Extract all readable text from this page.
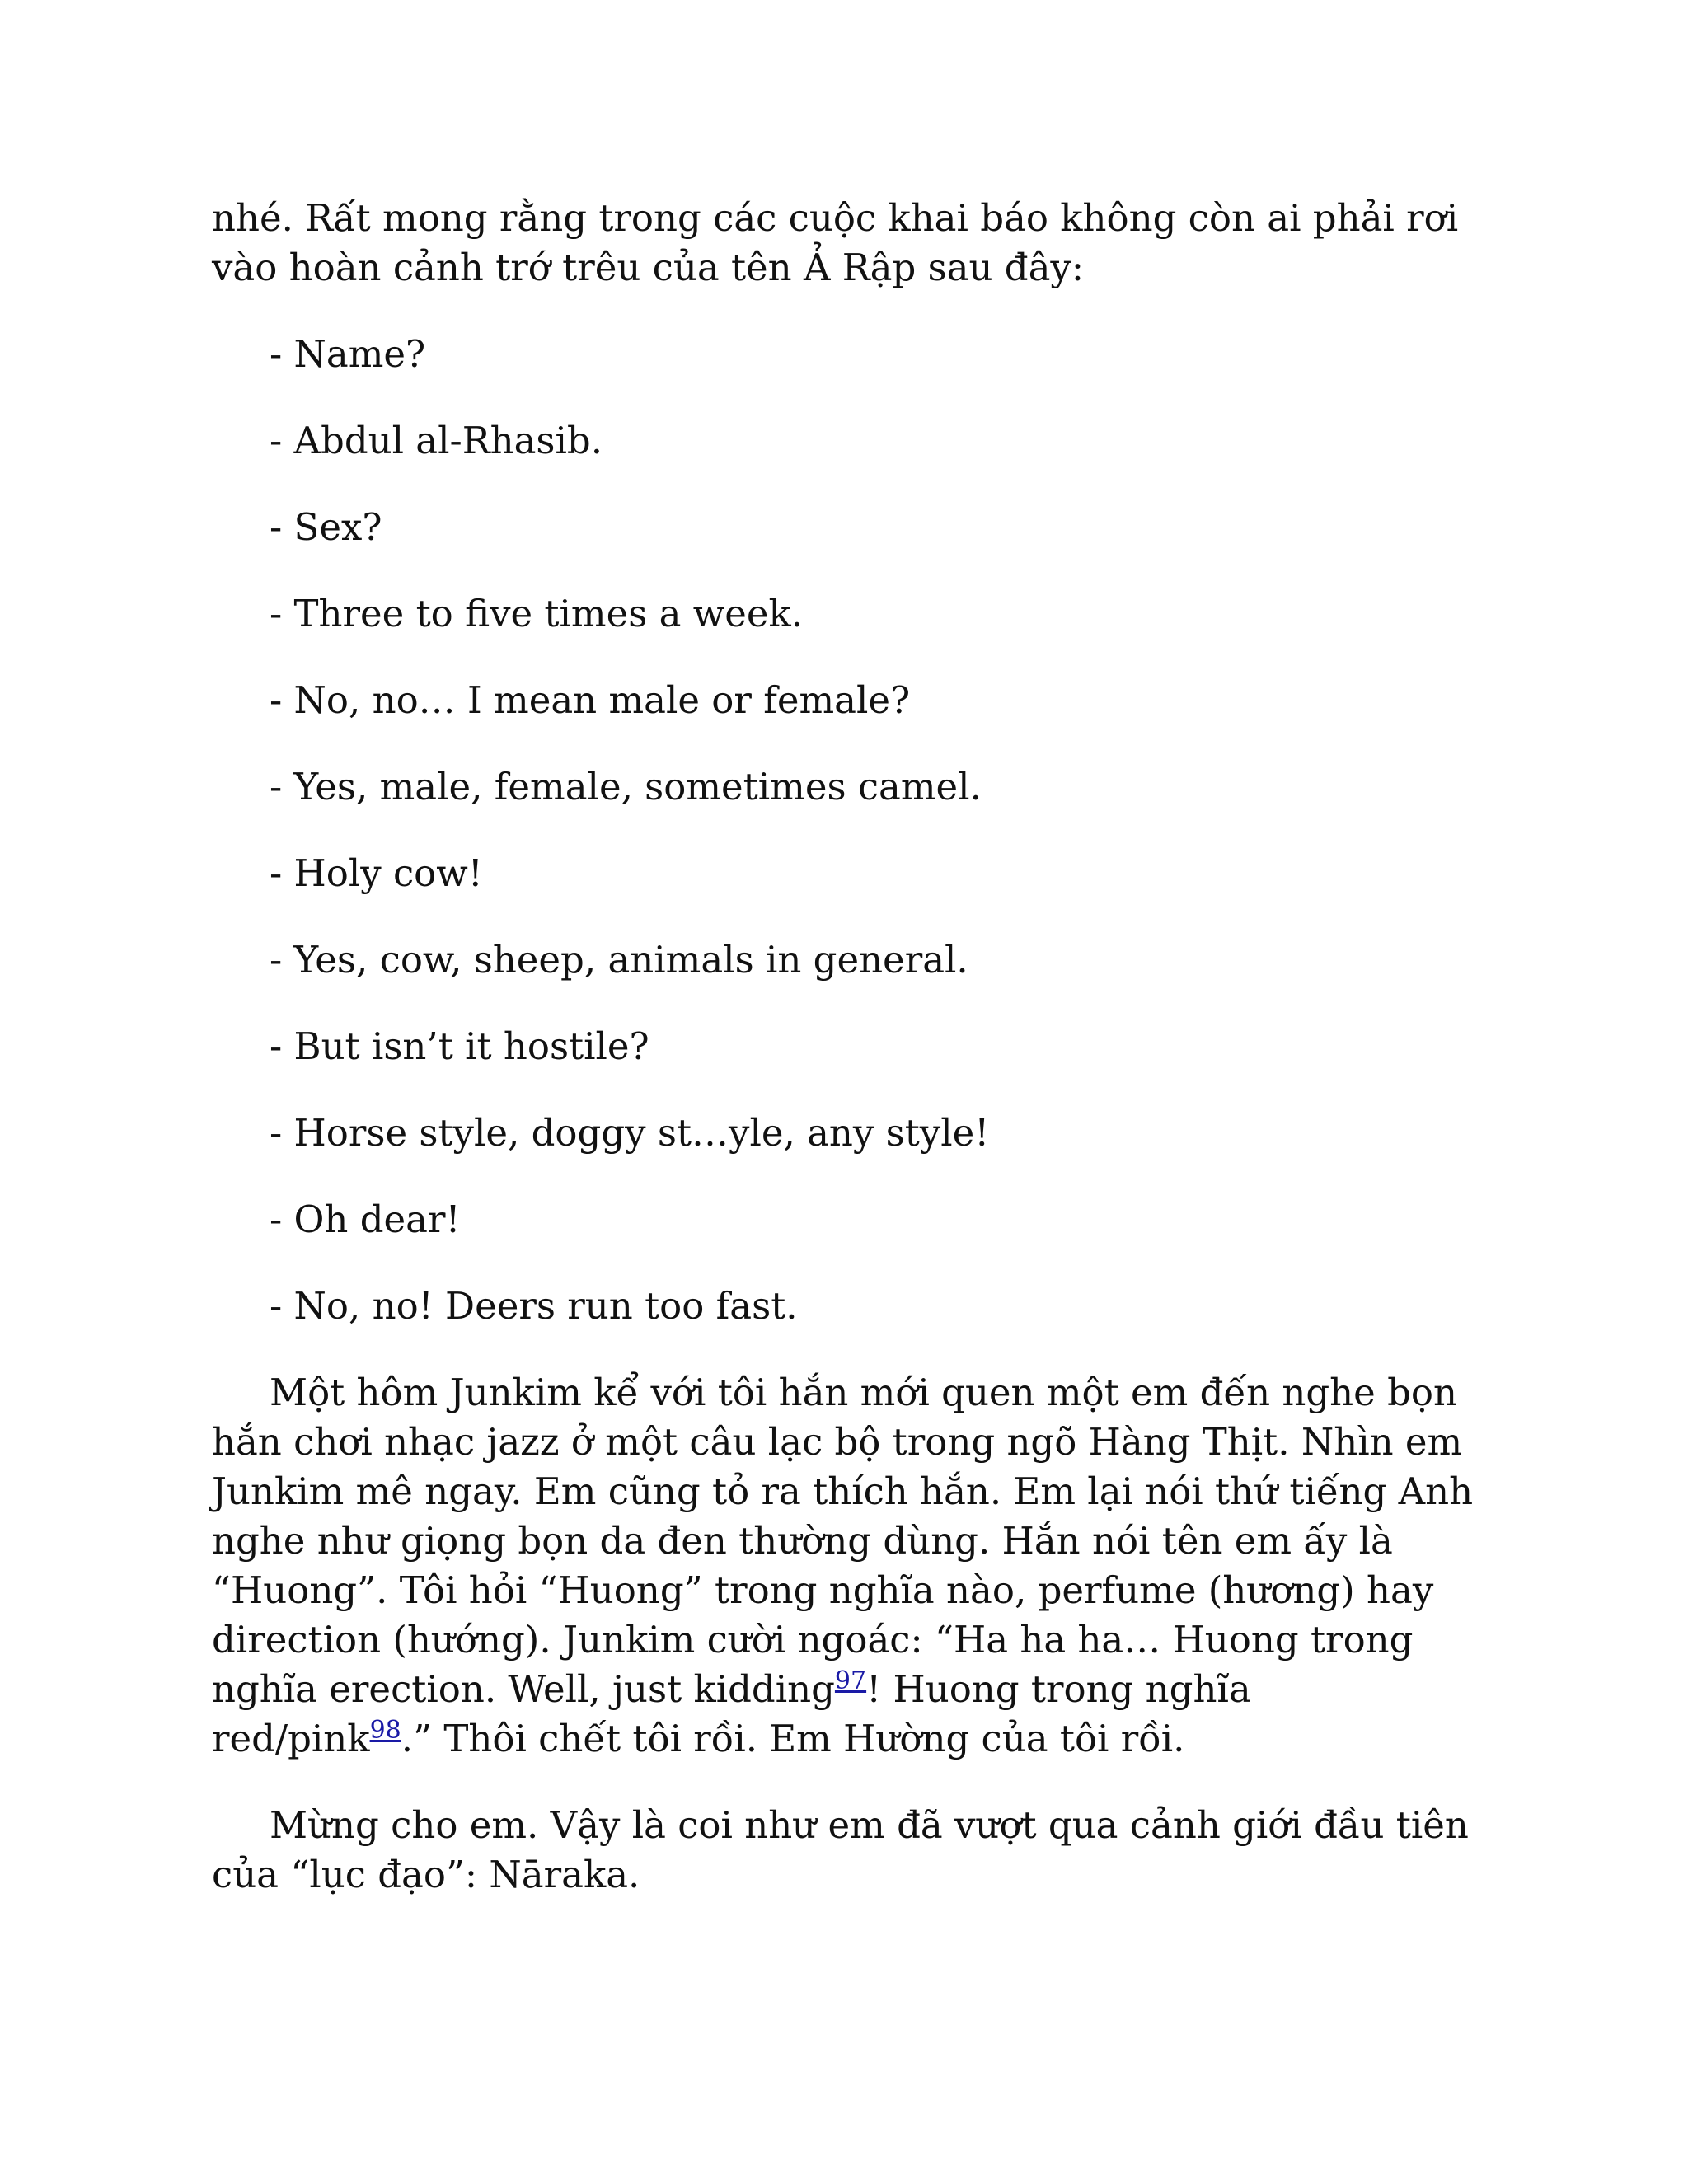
nhé. Rất mong rằng trong các cuộc khai báo không còn ai phải rơi vào hoàn cảnh trớ trêu của tên Ả Rập sau đây:

- Name?

- Abdul al-Rhasib.

- Sex?

- Three to five times a week.

- No, no… I mean male or female?

- Yes, male, female, sometimes camel.

- Holy cow!

- Yes, cow, sheep, animals in general.

- But isn’t it hostile?

- Horse style, doggy st…yle, any style!

- Oh dear!

- No, no! Deers run too fast.

Một hôm Junkim kể với tôi hắn mới quen một em đến nghe bọn hắn chơi nhạc jazz ở một câu lạc bộ trong ngõ Hàng Thịt. Nhìn em Junkim mê ngay. Em cũng tỏ ra thích hắn. Em lại nói thứ tiếng Anh nghe như giọng bọn da đen thường dùng. Hắn nói tên em ấy là “Huong”. Tôi hỏi “Huong” trong nghĩa nào, perfume (hương) hay direction (hướng). Junkim cười ngoác: “Ha ha ha… Huong trong nghĩa erection. Well, just kidding$^{97}$! Huong trong nghĩa red/pink$^{98}$.” Thôi chết tôi rồi. Em Hường của tôi rồi.

Mừng cho em. Vậy là coi như em đã vượt qua cảnh giới đầu tiên của “lục đạo”: Nāraka.
